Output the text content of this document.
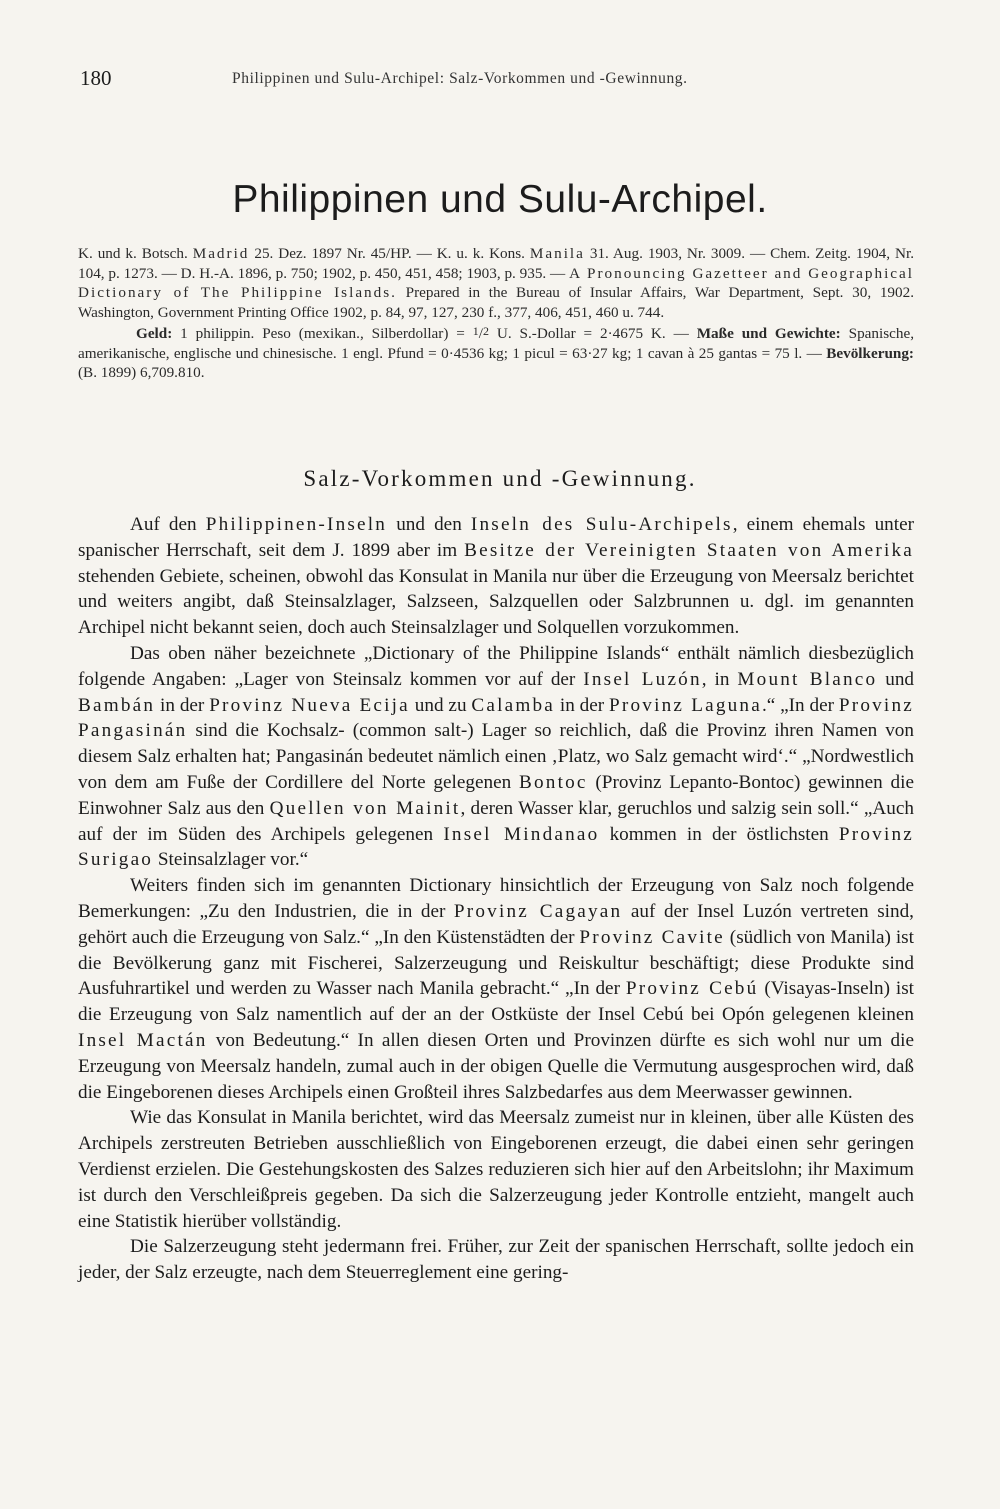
180	Philippinen und Sulu-Archipel: Salz-Vorkommen und -Gewinnung.
Philippinen und Sulu-Archipel.

K. und k. Botsch. Madrid 25. Dez. 1897 Nr. 45/HP. — K. u. k. Kons. Manila 31. Aug. 1903, Nr. 3009. — Chem. Zeitg. 1904, Nr. 104, p. 1273. — D. H.-A. 1896, p. 750; 1902, p. 450, 451, 458; 1903, p. 935. — A Pronouncing Gazetteer and Geographical Dictionary of The Philippine Islands. Prepared in the Bureau of Insular Affairs, War Department, Sept. 30, 1902. Washington, Government Printing Office 1902, p. 84, 97, 127, 230 f., 377, 406, 451, 460 u. 744.

Geld: 1 philippin. Peso (mexikan., Silberdollar) = 1/2 U. S.-Dollar = 2·4675 K. — Maße und Gewichte: Spanische, amerikanische, englische und chinesische. 1 engl. Pfund = 0·4536 kg; 1 picul = 63·27 kg; 1 cavan à 25 gantas = 75 l. — Bevölkerung: (B. 1899) 6,709.810.

Salz-Vorkommen und -Gewinnung.

Auf den Philippinen-Inseln und den Inseln des Sulu-Archipels, einem ehemals unter spanischer Herrschaft, seit dem J. 1899 aber im Besitze der Vereinigten Staaten von Amerika stehenden Gebiete, scheinen, obwohl das Konsulat in Manila nur über die Erzeugung von Meersalz berichtet und weiters angibt, daß Steinsalzlager, Salzseen, Salzquellen oder Salzbrunnen u. dgl. im genannten Archipel nicht bekannt seien, doch auch Steinsalzlager und Solquellen vorzukommen.

Das oben näher bezeichnete „Dictionary of the Philippine Islands“ enthält nämlich diesbezüglich folgende Angaben: „Lager von Steinsalz kommen vor auf der Insel Luzón, in Mount Blanco und Bambán in der Provinz Nueva Ecija und zu Calamba in der Provinz Laguna.“ „In der Provinz Pangasinán sind die Kochsalz- (common salt-) Lager so reichlich, daß die Provinz ihren Namen von diesem Salz erhalten hat; Pangasinán bedeutet nämlich einen ‚Platz, wo Salz gemacht wird‘.“ „Nordwestlich von dem am Fuße der Cordillere del Norte gelegenen Bontoc (Provinz Lepanto-Bontoc) gewinnen die Einwohner Salz aus den Quellen von Mainit, deren Wasser klar, geruchlos und salzig sein soll.“ „Auch auf der im Süden des Archipels gelegenen Insel Mindanao kommen in der östlichsten Provinz Surigao Steinsalzlager vor.“

Weiters finden sich im genannten Dictionary hinsichtlich der Erzeugung von Salz noch folgende Bemerkungen: „Zu den Industrien, die in der Provinz Cagayan auf der Insel Luzón vertreten sind, gehört auch die Erzeugung von Salz.“ „In den Küstenstädten der Provinz Cavite (südlich von Manila) ist die Bevölkerung ganz mit Fischerei, Salzerzeugung und Reiskultur beschäftigt; diese Produkte sind Ausfuhrartikel und werden zu Wasser nach Manila gebracht.“ „In der Provinz Cebú (Visayas-Inseln) ist die Erzeugung von Salz namentlich auf der an der Ostküste der Insel Cebú bei Opón gelegenen kleinen Insel Mactán von Bedeutung.“ In allen diesen Orten und Provinzen dürfte es sich wohl nur um die Erzeugung von Meersalz handeln, zumal auch in der obigen Quelle die Vermutung ausgesprochen wird, daß die Eingeborenen dieses Archipels einen Großteil ihres Salzbedarfes aus dem Meerwasser gewinnen.

Wie das Konsulat in Manila berichtet, wird das Meersalz zumeist nur in kleinen, über alle Küsten des Archipels zerstreuten Betrieben ausschließlich von Eingeborenen erzeugt, die dabei einen sehr geringen Verdienst erzielen. Die Gestehungskosten des Salzes reduzieren sich hier auf den Arbeitslohn; ihr Maximum ist durch den Verschleißpreis gegeben. Da sich die Salzerzeugung jeder Kontrolle entzieht, mangelt auch eine Statistik hierüber vollständig.

Die Salzerzeugung steht jedermann frei. Früher, zur Zeit der spanischen Herrschaft, sollte jedoch ein jeder, der Salz erzeugte, nach dem Steuerreglement eine gering-
